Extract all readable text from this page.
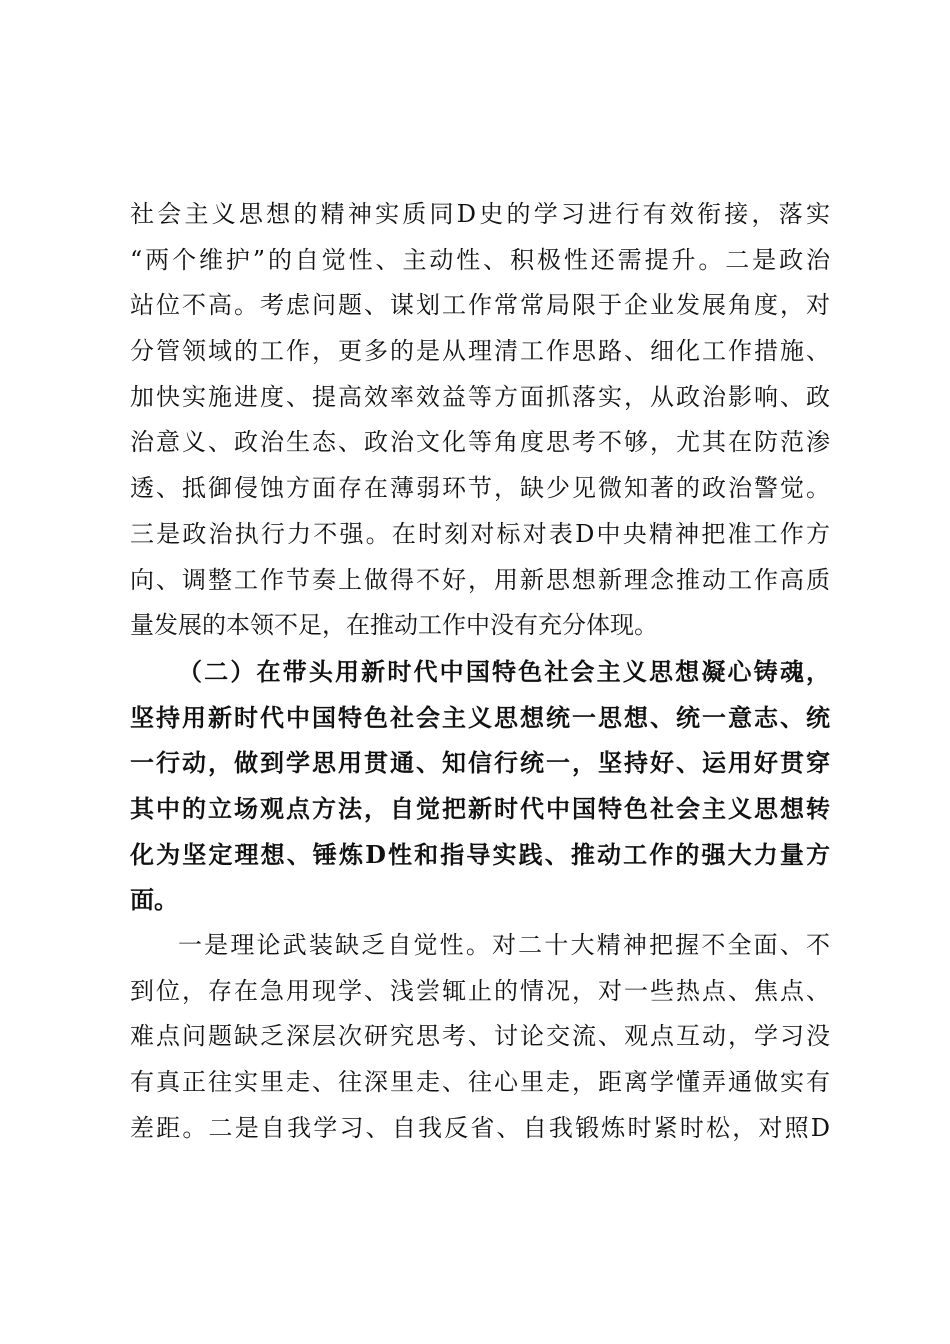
社会主义思想的精神实质同D史的学习进行有效衔接，落实
“两个维护”的自觉性、主动性、积极性还需提升。二是政治
站位不高。考虑问题、谋划工作常常局限于企业发展角度，对
分管领域的工作，更多的是从理清工作思路、细化工作措施、
加快实施进度、提高效率效益等方面抓落实，从政治影响、政
治意义、政治生态、政治文化等角度思考不够，尤其在防范渗
透、抵御侵蚀方面存在薄弱环节，缺少见微知著的政治警觉。
三是政治执行力不强。在时刻对标对表D中央精神把准工作方
向、调整工作节奏上做得不好，用新思想新理念推动工作高质
量发展的本领不足，在推动工作中没有充分体现。
（二）在带头用新时代中国特色社会主义思想凝心铸魂，
坚持用新时代中国特色社会主义思想统一思想、统一意志、统
一行动，做到学思用贯通、知信行统一，坚持好、运用好贯穿
其中的立场观点方法，自觉把新时代中国特色社会主义思想转
化为坚定理想、锤炼D性和指导实践、推动工作的强大力量方
面。
一是理论武装缺乏自觉性。对二十大精神把握不全面、不
到位，存在急用现学、浅尝辄止的情况，对一些热点、焦点、
难点问题缺乏深层次研究思考、讨论交流、观点互动，学习没
有真正往实里走、往深里走、往心里走，距离学懂弄通做实有
差距。二是自我学习、自我反省、自我锻炼时紧时松，对照D
